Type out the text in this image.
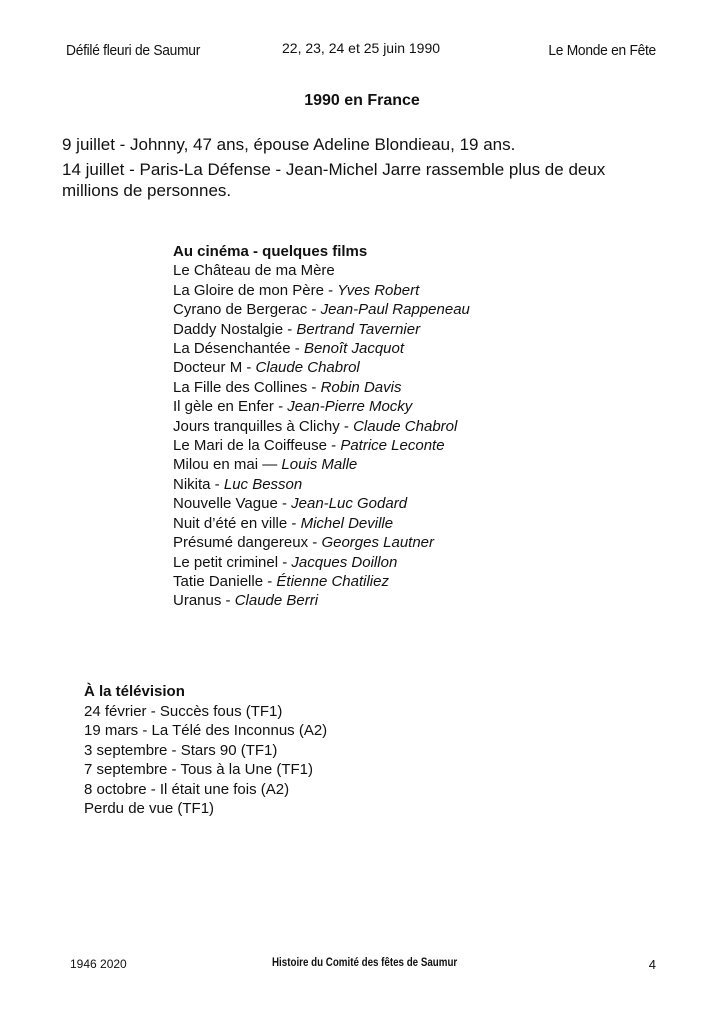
Défilé fleuri de Saumur	22, 23, 24 et 25 juin 1990	Le Monde en Fête
1990 en France
9 juillet - Johnny, 47 ans, épouse Adeline Blondieau, 19 ans.
14 juillet - Paris-La Défense - Jean-Michel Jarre rassemble plus de deux millions de personnes.
Au cinéma - quelques films
Le Château de ma Mère
La Gloire de mon Père - Yves Robert
Cyrano de Bergerac - Jean-Paul Rappeneau
Daddy Nostalgie - Bertrand Tavernier
La Désenchantée - Benoît Jacquot
Docteur M - Claude Chabrol
La Fille des Collines - Robin Davis
Il gèle en Enfer - Jean-Pierre Mocky
Jours tranquilles à Clichy - Claude Chabrol
Le Mari de la Coiffeuse - Patrice Leconte
Milou en mai — Louis Malle
Nikita - Luc Besson
Nouvelle Vague - Jean-Luc Godard
Nuit d’été en ville - Michel Deville
Présumé dangereux - Georges Lautner
Le petit criminel - Jacques Doillon
Tatie Danielle - Étienne Chatiliez
Uranus - Claude Berri
À la télévision
24 février - Succès fous (TF1)
19 mars - La Télé des Inconnus (A2)
3 septembre - Stars 90 (TF1)
7 septembre - Tous à la Une (TF1)
8 octobre - Il était une fois (A2)
Perdu de vue (TF1)
1946 2020	Histoire du Comité des fêtes de Saumur	4
